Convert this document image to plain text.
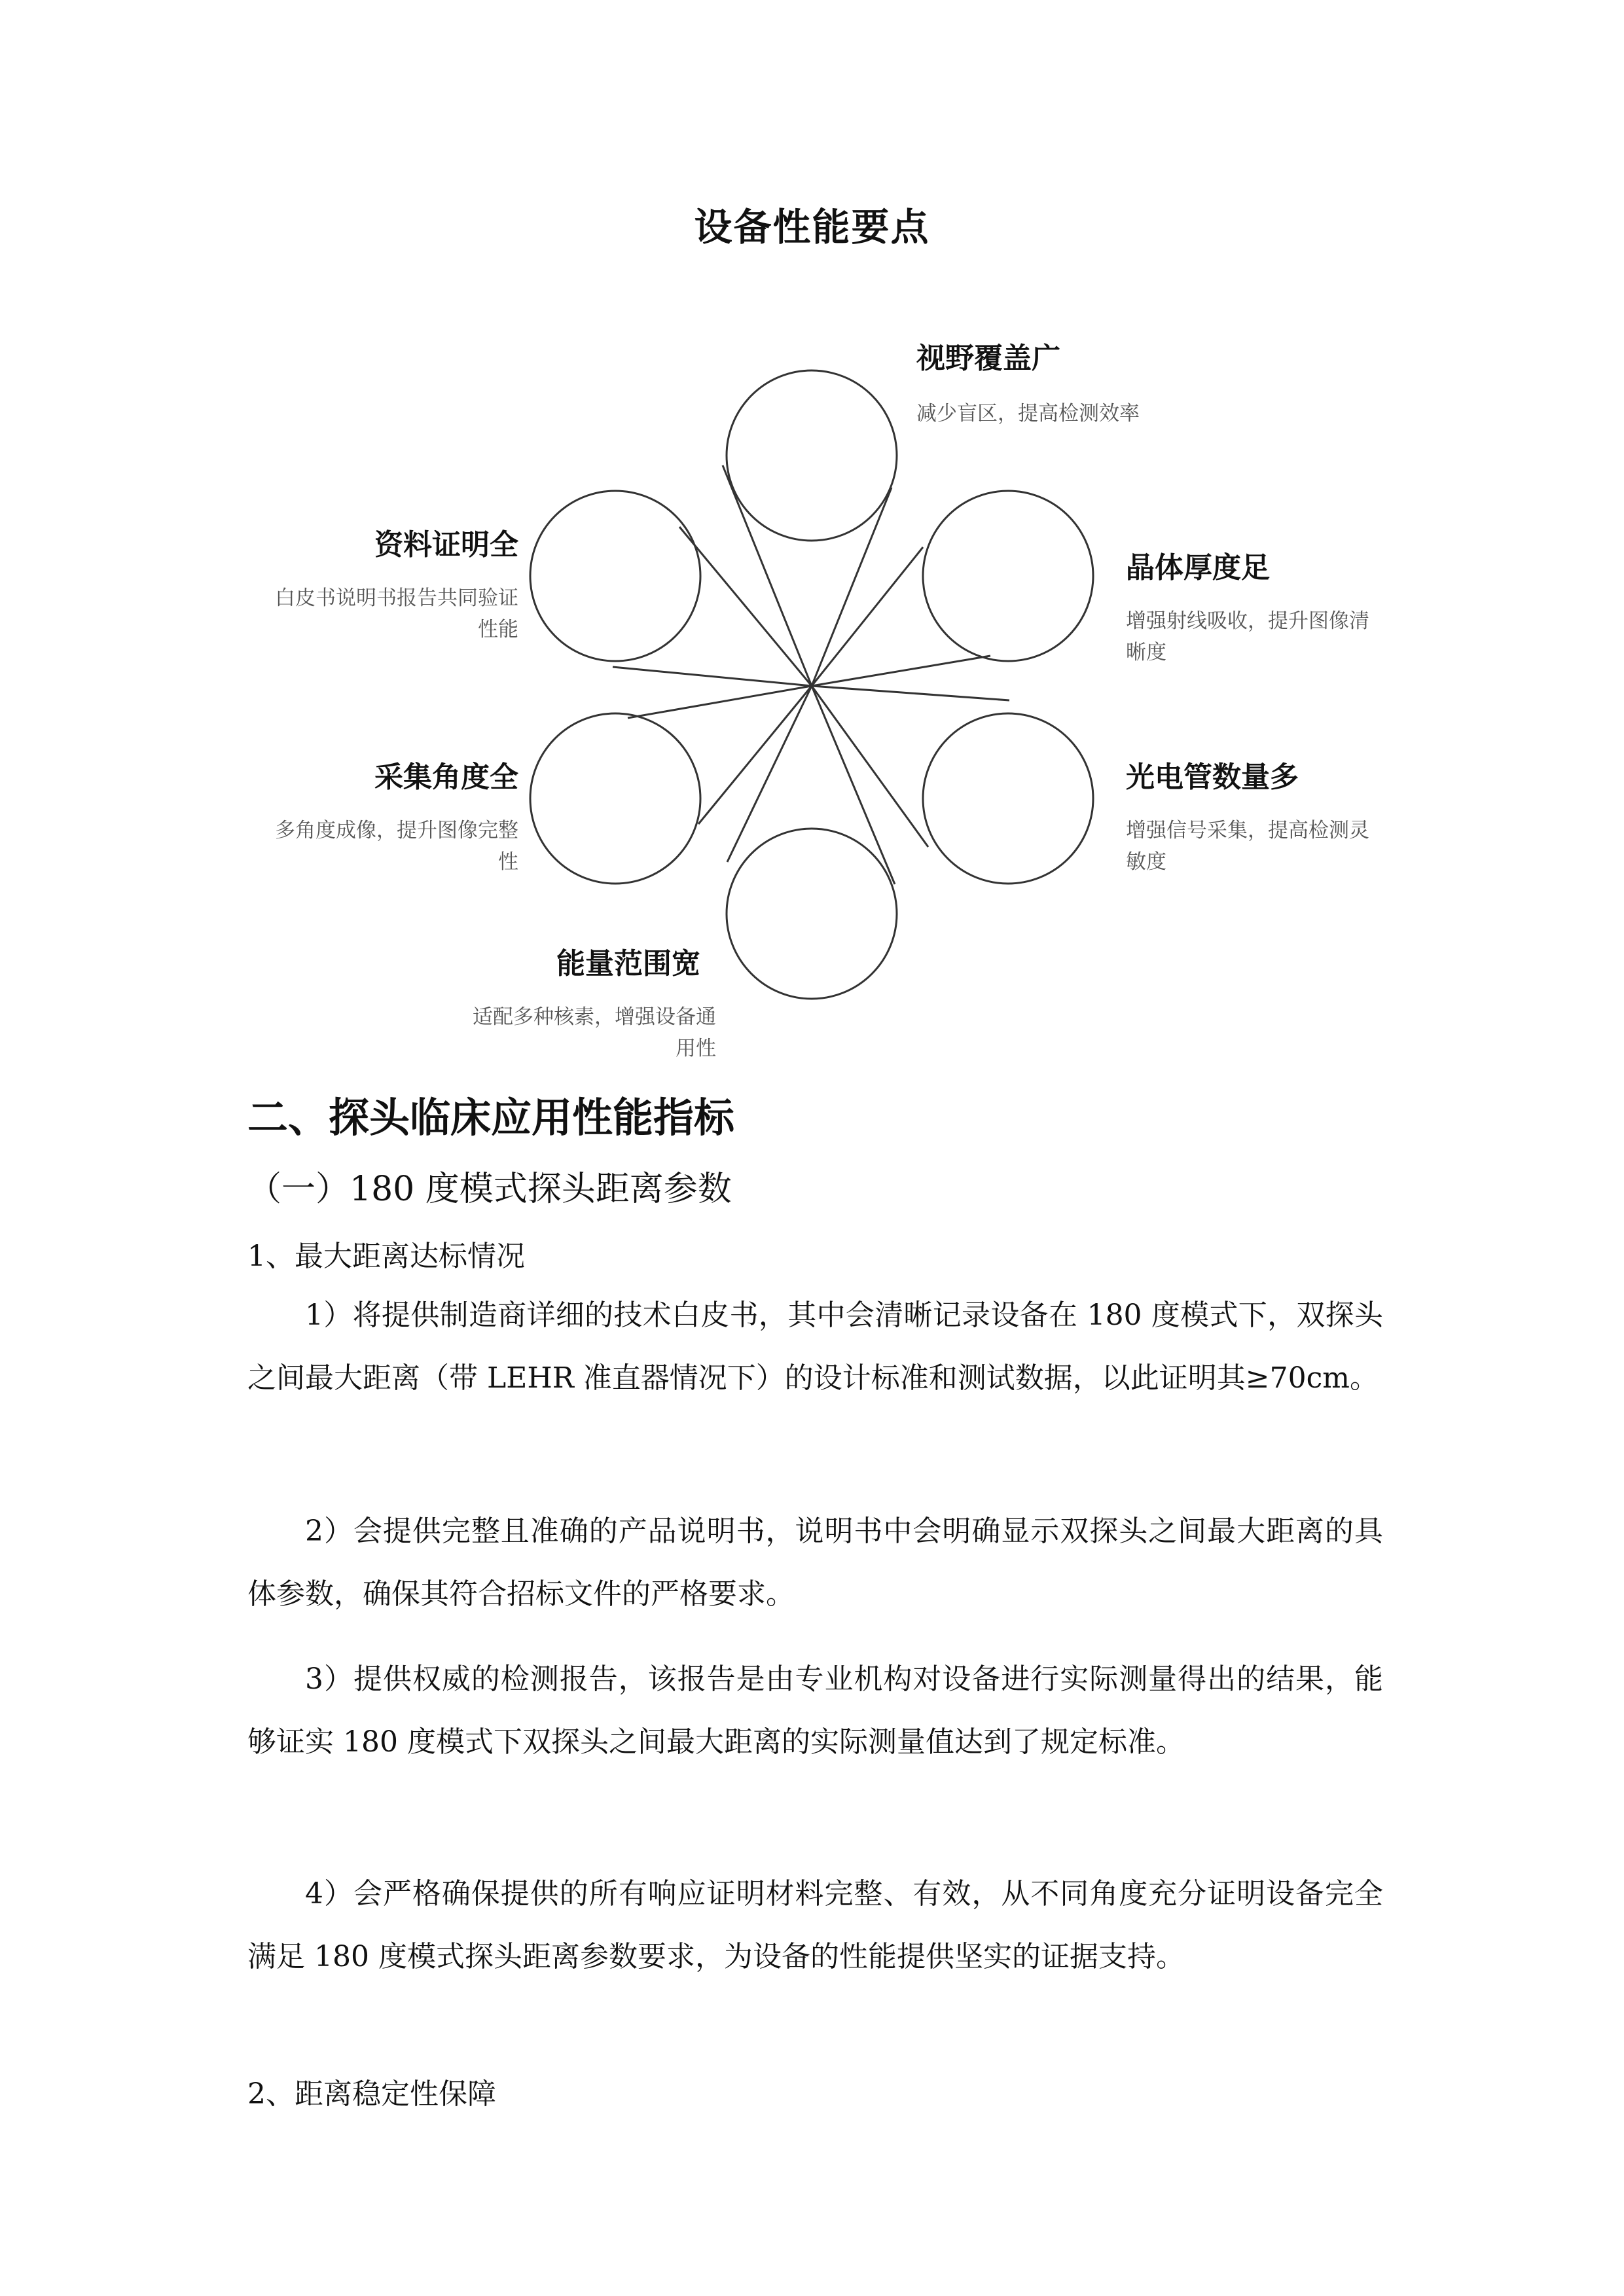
设备性能要点
视野覆盖广
减少盲区，提高检测效率
晶体厚度足
增强射线吸收，提升图像清晰度
光电管数量多
增强信号采集，提高检测灵敏度
能量范围宽
适配多种核素，增强设备通用性
采集角度全
多角度成像，提升图像完整性
资料证明全
白皮书说明书报告共同验证性能
二、探头临床应用性能指标
（一）180 度模式探头距离参数
1、最大距离达标情况

1）将提供制造商详细的技术白皮书，其中会清晰记录设备在 180 度模式下，双探头之间最大距离（带 LEHR 准直器情况下）的设计标准和测试数据，以此证明其≥70cm。

2）会提供完整且准确的产品说明书，说明书中会明确显示双探头之间最大距离的具体参数，确保其符合招标文件的严格要求。

3）提供权威的检测报告，该报告是由专业机构对设备进行实际测量得出的结果，能够证实 180 度模式下双探头之间最大距离的实际测量值达到了规定标准。

4）会严格确保提供的所有响应证明材料完整、有效，从不同角度充分证明设备完全满足 180 度模式探头距离参数要求，为设备的性能提供坚实的证据支持。

2、距离稳定性保障
